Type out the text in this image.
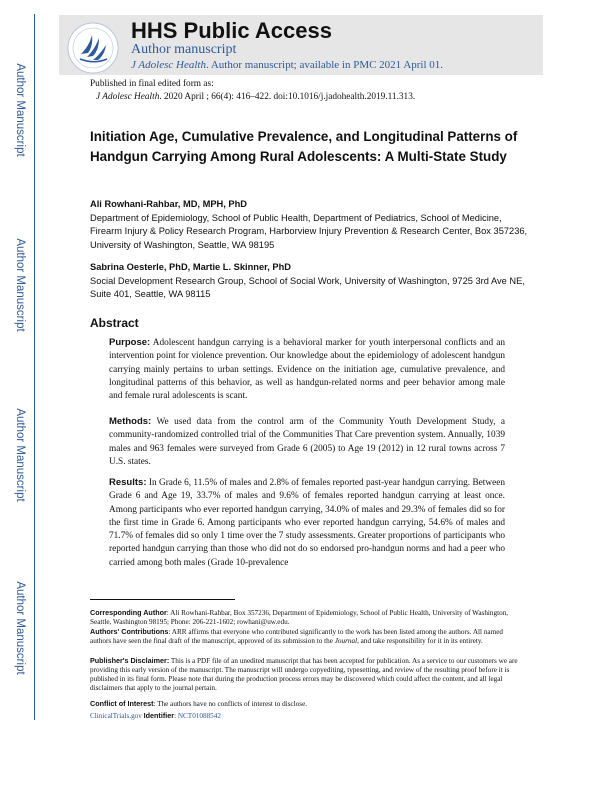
Author Manuscript
Author Manuscript
Author Manuscript
Author Manuscript
HHS Public Access
Author manuscript
J Adolesc Health. Author manuscript; available in PMC 2021 April 01.
Published in final edited form as:
J Adolesc Health. 2020 April ; 66(4): 416–422. doi:10.1016/j.jadohealth.2019.11.313.
Initiation Age, Cumulative Prevalence, and Longitudinal Patterns of Handgun Carrying Among Rural Adolescents: A Multi-State Study
Ali Rowhani-Rahbar, MD, MPH, PhD
Department of Epidemiology, School of Public Health, Department of Pediatrics, School of Medicine, Firearm Injury & Policy Research Program, Harborview Injury Prevention & Research Center, Box 357236, University of Washington, Seattle, WA 98195
Sabrina Oesterle, PhD, Martie L. Skinner, PhD
Social Development Research Group, School of Social Work, University of Washington, 9725 3rd Ave NE, Suite 401, Seattle, WA 98115
Abstract
Purpose: Adolescent handgun carrying is a behavioral marker for youth interpersonal conflicts and an intervention point for violence prevention. Our knowledge about the epidemiology of adolescent handgun carrying mainly pertains to urban settings. Evidence on the initiation age, cumulative prevalence, and longitudinal patterns of this behavior, as well as handgun-related norms and peer behavior among male and female rural adolescents is scant.
Methods: We used data from the control arm of the Community Youth Development Study, a community-randomized controlled trial of the Communities That Care prevention system. Annually, 1039 males and 963 females were surveyed from Grade 6 (2005) to Age 19 (2012) in 12 rural towns across 7 U.S. states.
Results: In Grade 6, 11.5% of males and 2.8% of females reported past-year handgun carrying. Between Grade 6 and Age 19, 33.7% of males and 9.6% of females reported handgun carrying at least once. Among participants who ever reported handgun carrying, 34.0% of males and 29.3% of females did so for the first time in Grade 6. Among participants who ever reported handgun carrying, 54.6% of males and 71.7% of females did so only 1 time over the 7 study assessments. Greater proportions of participants who reported handgun carrying than those who did not do so endorsed pro-handgun norms and had a peer who carried among both males (Grade 10-prevalence
Corresponding Author: Ali Rowhani-Rahbar, Box 357236, Department of Epidemiology, School of Public Health, University of Washington, Seattle, Washington 98195; Phone: 206-221-1602; rowhani@uw.edu.
Authors' Contributions: ARR affirms that everyone who contributed significantly to the work has been listed among the authors. All named authors have seen the final draft of the manuscript, approved of its submission to the Journal, and take responsibility for it in its entirety.
Publisher's Disclaimer: This is a PDF file of an unedited manuscript that has been accepted for publication. As a service to our customers we are providing this early version of the manuscript. The manuscript will undergo copyediting, typesetting, and review of the resulting proof before it is published in its final form. Please note that during the production process errors may be discovered which could affect the content, and all legal disclaimers that apply to the journal pertain.
Conflict of Interest: The authors have no conflicts of interest to disclose.
ClinicalTrials.gov Identifier: NCT01088542
